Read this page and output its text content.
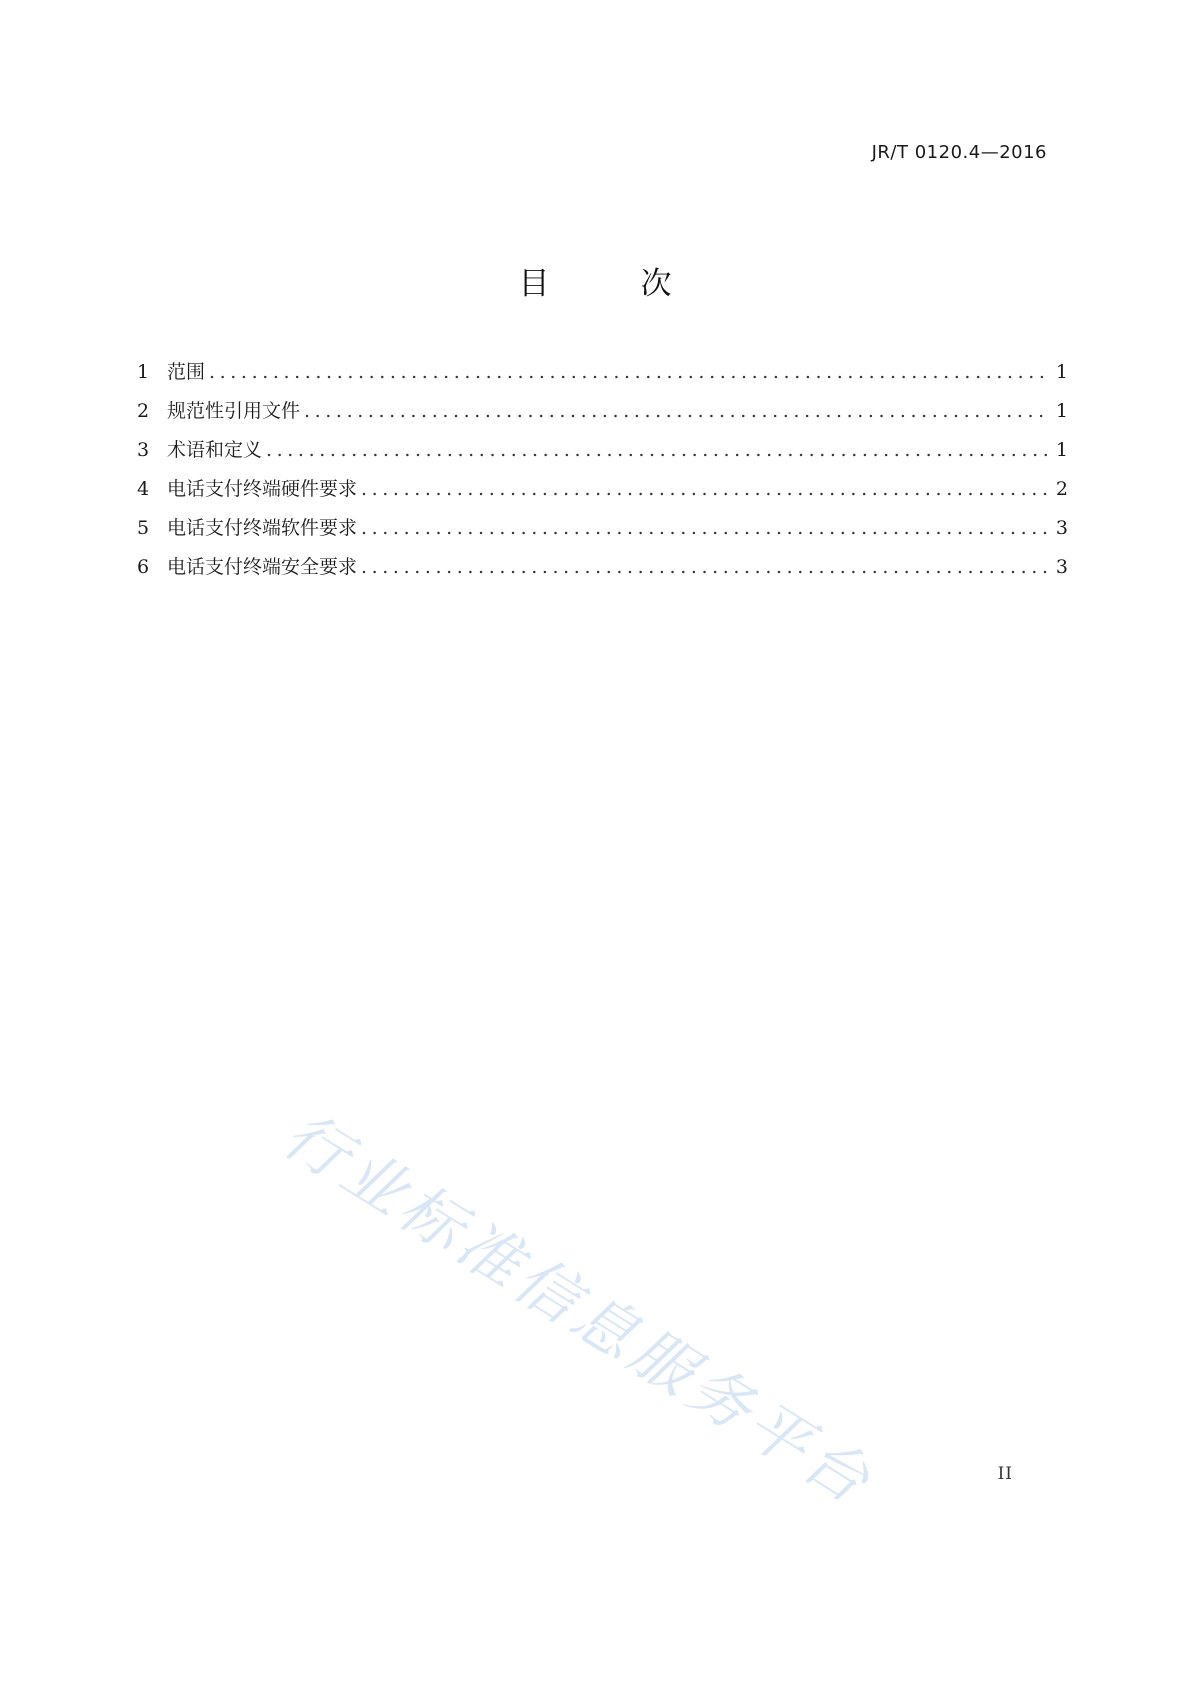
JR/T 0120.4—2016
目　次
1 范围 .....	1
2 规范性引用文件 .....	1
3 术语和定义 .....	1
4 电话支付终端硬件要求 .....	2
5 电话支付终端软件要求 .....	3
6 电话支付终端安全要求 .....	3
行业标准信息服务平台	II
